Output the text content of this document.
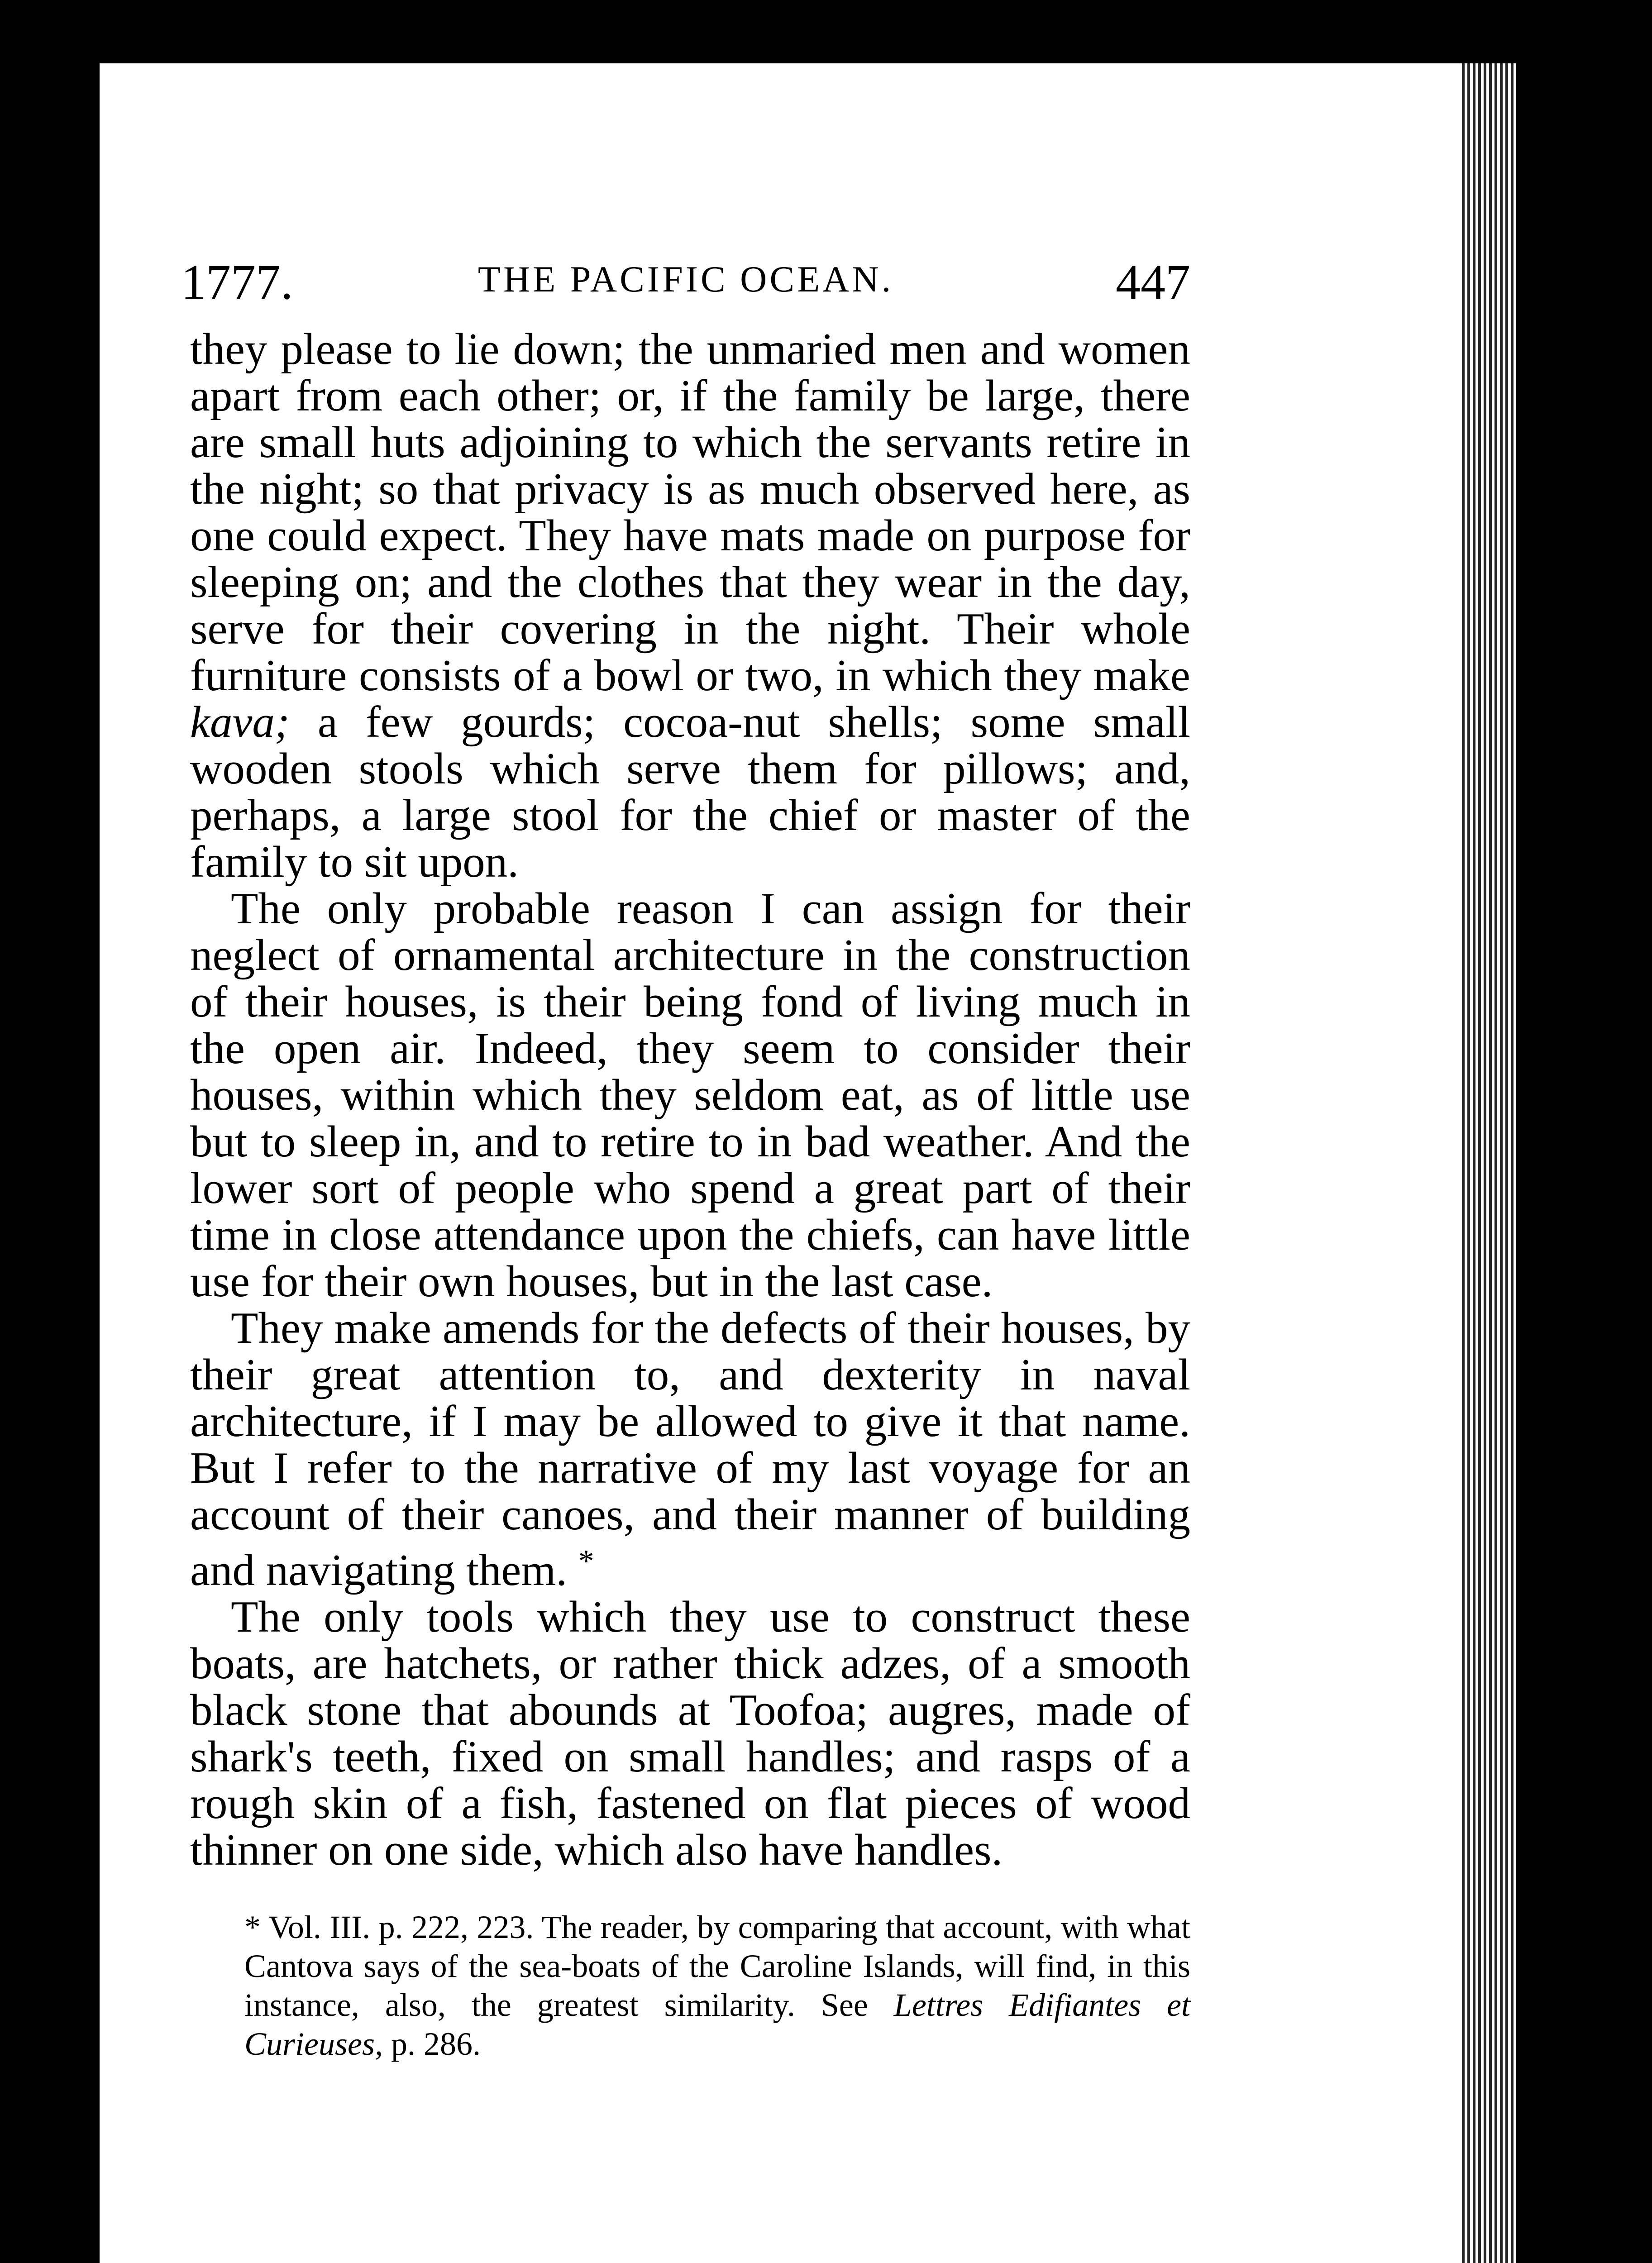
1777.	THE PACIFIC OCEAN.	447

they please to lie down; the unmaried men and women apart from each other; or, if the family be large, there are small huts adjoining to which the servants retire in the night; so that privacy is as much observed here, as one could expect. They have mats made on purpose for sleeping on; and the clothes that they wear in the day, serve for their covering in the night. Their whole furniture consists of a bowl or two, in which they make kava; a few gourds; cocoa-nut shells; some small wooden stools which serve them for pillows; and, perhaps, a large stool for the chief or master of the family to sit upon.

The only probable reason I can assign for their neglect of ornamental architecture in the construction of their houses, is their being fond of living much in the open air. Indeed, they seem to consider their houses, within which they seldom eat, as of little use but to sleep in, and to retire to in bad weather. And the lower sort of people who spend a great part of their time in close attendance upon the chiefs, can have little use for their own houses, but in the last case.

They make amends for the defects of their houses, by their great attention to, and dexterity in naval architecture, if I may be allowed to give it that name. But I refer to the narrative of my last voyage for an account of their canoes, and their manner of building and navigating them. *

The only tools which they use to construct these boats, are hatchets, or rather thick adzes, of a smooth black stone that abounds at Toofoa; augres, made of shark's teeth, fixed on small handles; and rasps of a rough skin of a fish, fastened on flat pieces of wood thinner on one side, which also have handles.

* Vol. III. p. 222, 223. The reader, by comparing that account, with what Cantova says of the sea-boats of the Caroline Islands, will find, in this instance, also, the greatest similarity. See Lettres Edifiantes et Curieuses, p. 286.
